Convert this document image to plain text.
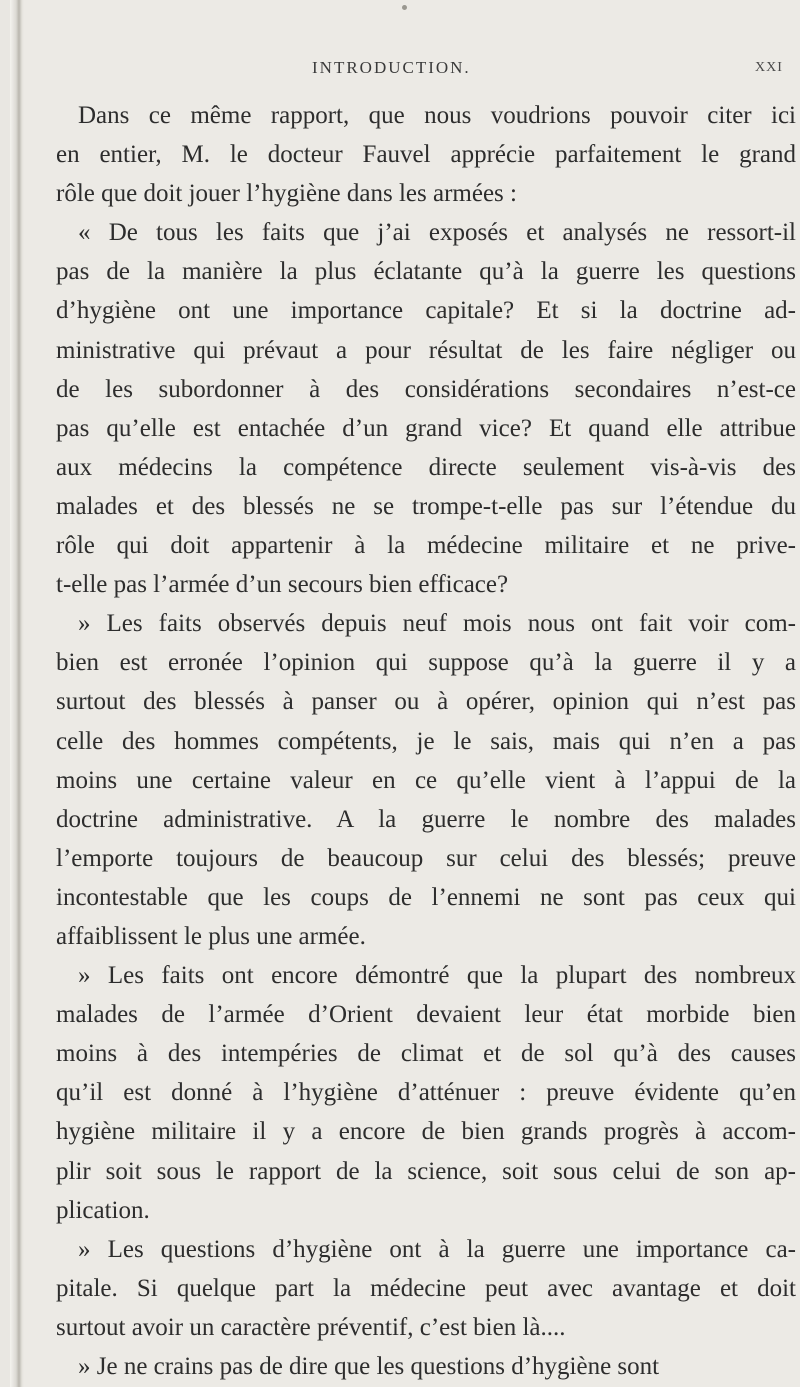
INTRODUCTION.	XXI
Dans ce même rapport, que nous voudrions pouvoir citer ici
en entier, M. le docteur Fauvel apprécie parfaitement le grand
rôle que doit jouer l’hygiène dans les armées :
« De tous les faits que j’ai exposés et analysés ne ressort-il
pas de la manière la plus éclatante qu’à la guerre les questions
d’hygiène ont une importance capitale? Et si la doctrine ad-
ministrative qui prévaut a pour résultat de les faire négliger ou
de les subordonner à des considérations secondaires n’est-ce
pas qu’elle est entachée d’un grand vice? Et quand elle attribue
aux médecins la compétence directe seulement vis-à-vis des
malades et des blessés ne se trompe-t-elle pas sur l’étendue du
rôle qui doit appartenir à la médecine militaire et ne prive-
t-elle pas l’armée d’un secours bien efficace?
» Les faits observés depuis neuf mois nous ont fait voir com-
bien est erronée l’opinion qui suppose qu’à la guerre il y a
surtout des blessés à panser ou à opérer, opinion qui n’est pas
celle des hommes compétents, je le sais, mais qui n’en a pas
moins une certaine valeur en ce qu’elle vient à l’appui de la
doctrine administrative. A la guerre le nombre des malades
l’emporte toujours de beaucoup sur celui des blessés; preuve
incontestable que les coups de l’ennemi ne sont pas ceux qui
affaiblissent le plus une armée.
» Les faits ont encore démontré que la plupart des nombreux
malades de l’armée d’Orient devaient leur état morbide bien
moins à des intempéries de climat et de sol qu’à des causes
qu’il est donné à l’hygiène d’atténuer : preuve évidente qu’en
hygiène militaire il y a encore de bien grands progrès à accom-
plir soit sous le rapport de la science, soit sous celui de son ap-
plication.
» Les questions d’hygiène ont à la guerre une importance ca-
pitale. Si quelque part la médecine peut avec avantage et doit
surtout avoir un caractère préventif, c’est bien là....
» Je ne crains pas de dire que les questions d’hygiène sont
